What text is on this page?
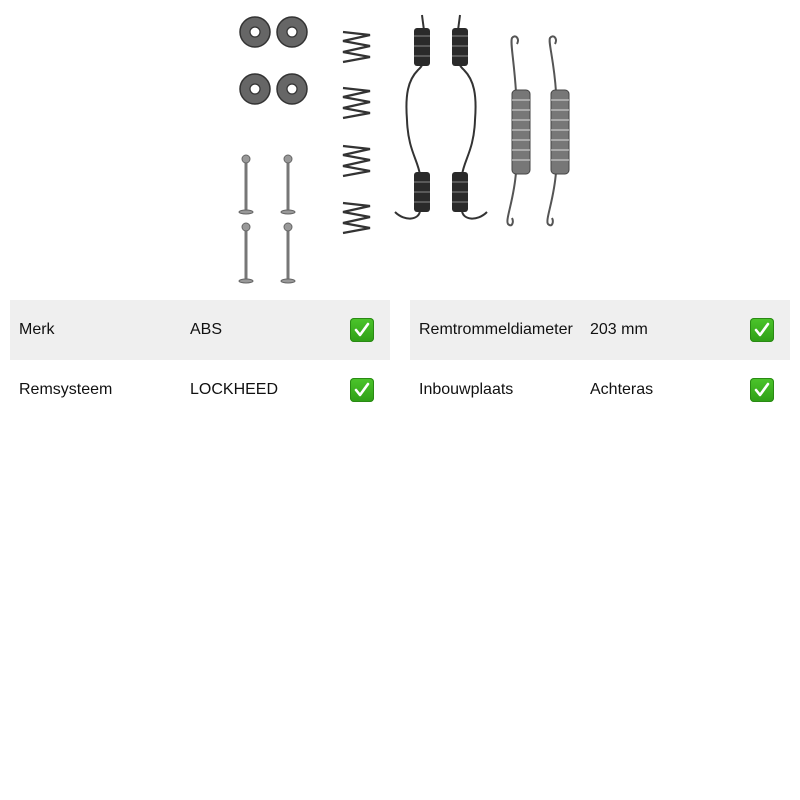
Merk	ABS
Remsysteem	LOCKHEED
Remtrommeldiameter 203 mm
Inbouwplaats	Achteras
